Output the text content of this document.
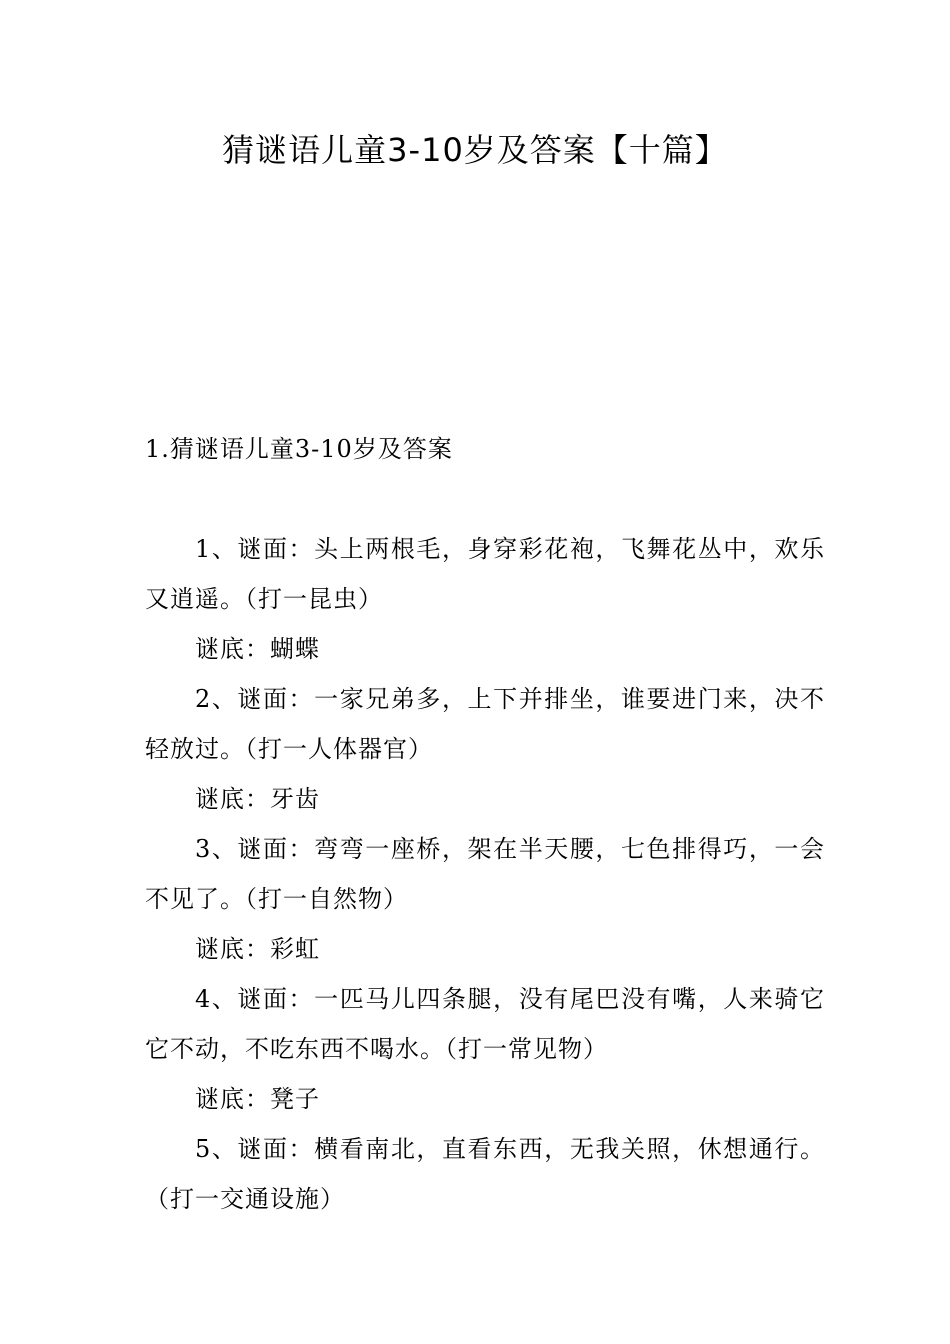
猜谜语儿童3-10岁及答案【十篇】
1.猜谜语儿童3-10岁及答案

1、谜面：头上两根毛，身穿彩花袍，飞舞花丛中，欢乐又逍遥。（打一昆虫）

谜底：蝴蝶

2、谜面：一家兄弟多，上下并排坐，谁要进门来，决不轻放过。（打一人体器官）

谜底：牙齿

3、谜面：弯弯一座桥，架在半天腰，七色排得巧，一会不见了。（打一自然物）

谜底：彩虹

4、谜面：一匹马儿四条腿，没有尾巴没有嘴，人来骑它它不动，不吃东西不喝水。（打一常见物）

谜底：凳子

5、谜面：横看南北，直看东西，无我关照，休想通行。（打一交通设施）
